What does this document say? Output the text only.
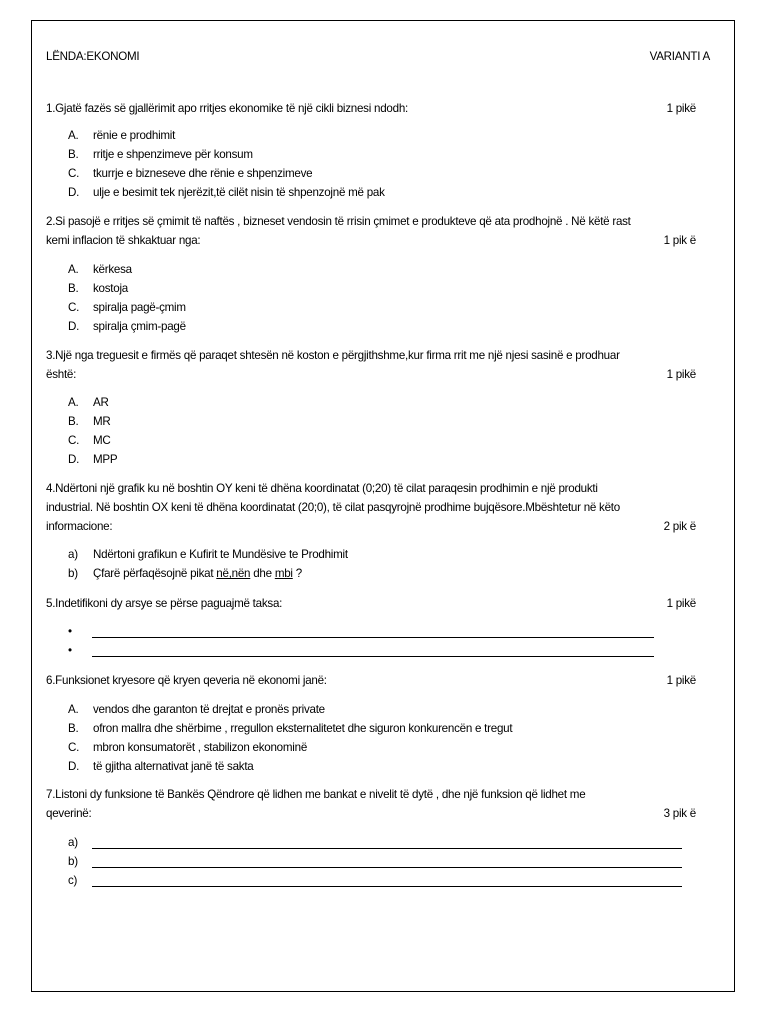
LËNDA:EKONOMI	VARIANTI A
1.Gjatë fazës së gjallërimit apo rritjes ekonomike të një cikli biznesi ndodh:	1 pikë
A. rënie e prodhimit
B. rritje e shpenzimeve për konsum
C. tkurrje e bizneseve dhe rënie e shpenzimeve
D. ulje e besimit tek njerëzit,të cilët nisin të shpenzojnë më pak
2.Si pasojë e rritjes së çmimit të naftës , bizneset vendosin të rrisin çmimet e produkteve që ata prodhojnë . Në këtë rast
kemi inflacion të shkaktuar nga:	1 pik ë
A. kërkesa
B. kostoja
C. spiralja pagë-çmim
D. spiralja çmim-pagë
3.Një nga treguesit e firmës që paraqet shtesën në koston e përgjithshme,kur firma rrit me një njesi sasinë e prodhuar
është:	1 pikë
A. AR
B. MR
C. MC
D. MPP
4.Ndërtoni një grafik ku në boshtin OY keni të dhëna koordinatat (0;20) të cilat paraqesin prodhimin e një produkti
industrial. Në boshtin OX keni të dhëna koordinatat (20;0), të cilat pasqyrojnë prodhime bujqësore.Mbështetur në këto
informacione:	2 pik ë
a) Ndërtoni grafikun e Kufirit te Mundësive te Prodhimit
b) Çfarë përfaqësojnë pikat në,nën dhe mbi ?
5.Indetifikoni dy arsye se përse paguajmë taksa:	1 pikë
•
•
6.Funksionet kryesore që kryen qeveria në ekonomi janë:	1 pikë
A. vendos dhe garanton të drejtat e pronës private
B. ofron mallra dhe shërbime , rregullon eksternalitetet dhe siguron konkurencën e tregut
C. mbron konsumatorët , stabilizon ekonominë
D. të gjitha alternativat janë të sakta
7.Listoni dy funksione të Bankës Qëndrore që lidhen me bankat e nivelit të dytë , dhe një funksion që lidhet me
qeverinë:	3 pik ë
a)
b)
c)
